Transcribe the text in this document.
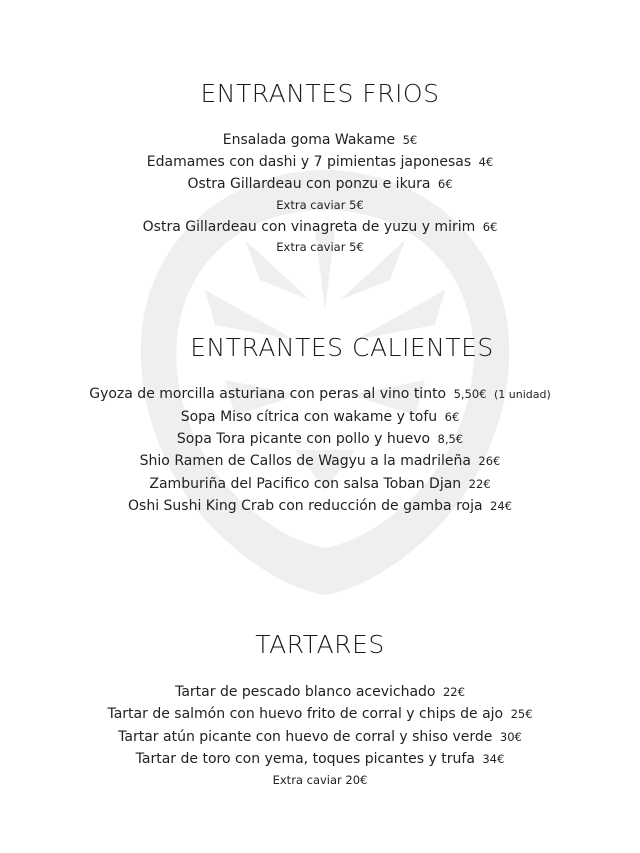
ENTRANTES FRIOS
Ensalada goma Wakame 5€
Edamames con dashi y 7 pimientas japonesas 4€
Ostra Gillardeau con ponzu e ikura 6€
Extra caviar 5€
Ostra Gillardeau con vinagreta de yuzu y mirim 6€
Extra caviar 5€
ENTRANTES CALIENTES
Gyoza de morcilla asturiana con peras al vino tinto 5,50€ (1 unidad)
Sopa Miso cítrica con wakame y tofu 6€
Sopa Tora picante con pollo y huevo 8,5€
Shio Ramen de Callos de Wagyu a la madrileña 26€
Zamburiña del Pacifico con salsa Toban Djan 22€
Oshi Sushi King Crab con reducción de gamba roja 24€
TARTARES
Tartar de pescado blanco acevichado 22€
Tartar de salmón con huevo frito de corral y chips de ajo 25€
Tartar atún picante con huevo de corral y shiso verde 30€
Tartar de toro con yema, toques picantes y trufa 34€
Extra caviar 20€
